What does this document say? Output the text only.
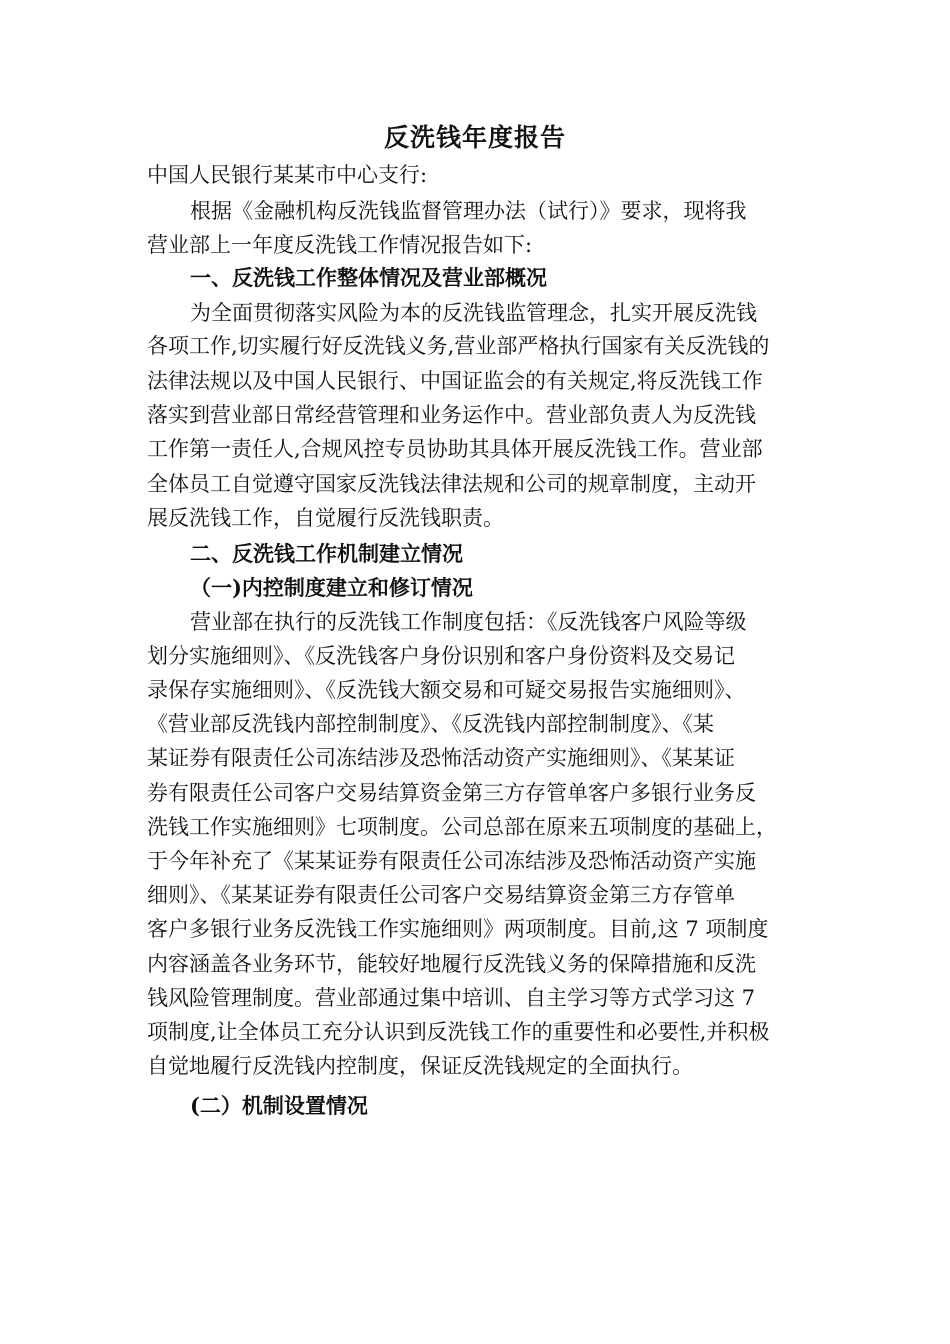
反洗钱年度报告
中国人民银行某某市中心支行:
根据《金融机构反洗钱监督管理办法（试行）》要求，现将我
营业部上一年度反洗钱工作情况报告如下:
一、反洗钱工作整体情况及营业部概况
为全面贯彻落实风险为本的反洗钱监管理念，扎实开展反洗钱
各项工作,切实履行好反洗钱义务,营业部严格执行国家有关反洗钱的
法律法规以及中国人民银行、中国证监会的有关规定,将反洗钱工作
落实到营业部日常经营管理和业务运作中。营业部负责人为反洗钱
工作第一责任人,合规风控专员协助其具体开展反洗钱工作。营业部
全体员工自觉遵守国家反洗钱法律法规和公司的规章制度，主动开
展反洗钱工作，自觉履行反洗钱职责。
二、反洗钱工作机制建立情况
（一)内控制度建立和修订情况
营业部在执行的反洗钱工作制度包括：《反洗钱客户风险等级
划分实施细则》、《反洗钱客户身份识别和客户身份资料及交易记
录保存实施细则》、《反洗钱大额交易和可疑交易报告实施细则》、
《营业部反洗钱内部控制制度》、《反洗钱内部控制制度》、《某
某证券有限责任公司冻结涉及恐怖活动资产实施细则》、《某某证
券有限责任公司客户交易结算资金第三方存管单客户多银行业务反
洗钱工作实施细则》七项制度。公司总部在原来五项制度的基础上，
于今年补充了《某某证券有限责任公司冻结涉及恐怖活动资产实施
细则》、《某某证券有限责任公司客户交易结算资金第三方存管单
客户多银行业务反洗钱工作实施细则》两项制度。目前,这 7 项制度
内容涵盖各业务环节，能较好地履行反洗钱义务的保障措施和反洗
钱风险管理制度。营业部通过集中培训、自主学习等方式学习这 7
项制度,让全体员工充分认识到反洗钱工作的重要性和必要性,并积极
自觉地履行反洗钱内控制度，保证反洗钱规定的全面执行。
(二）机制设置情况
